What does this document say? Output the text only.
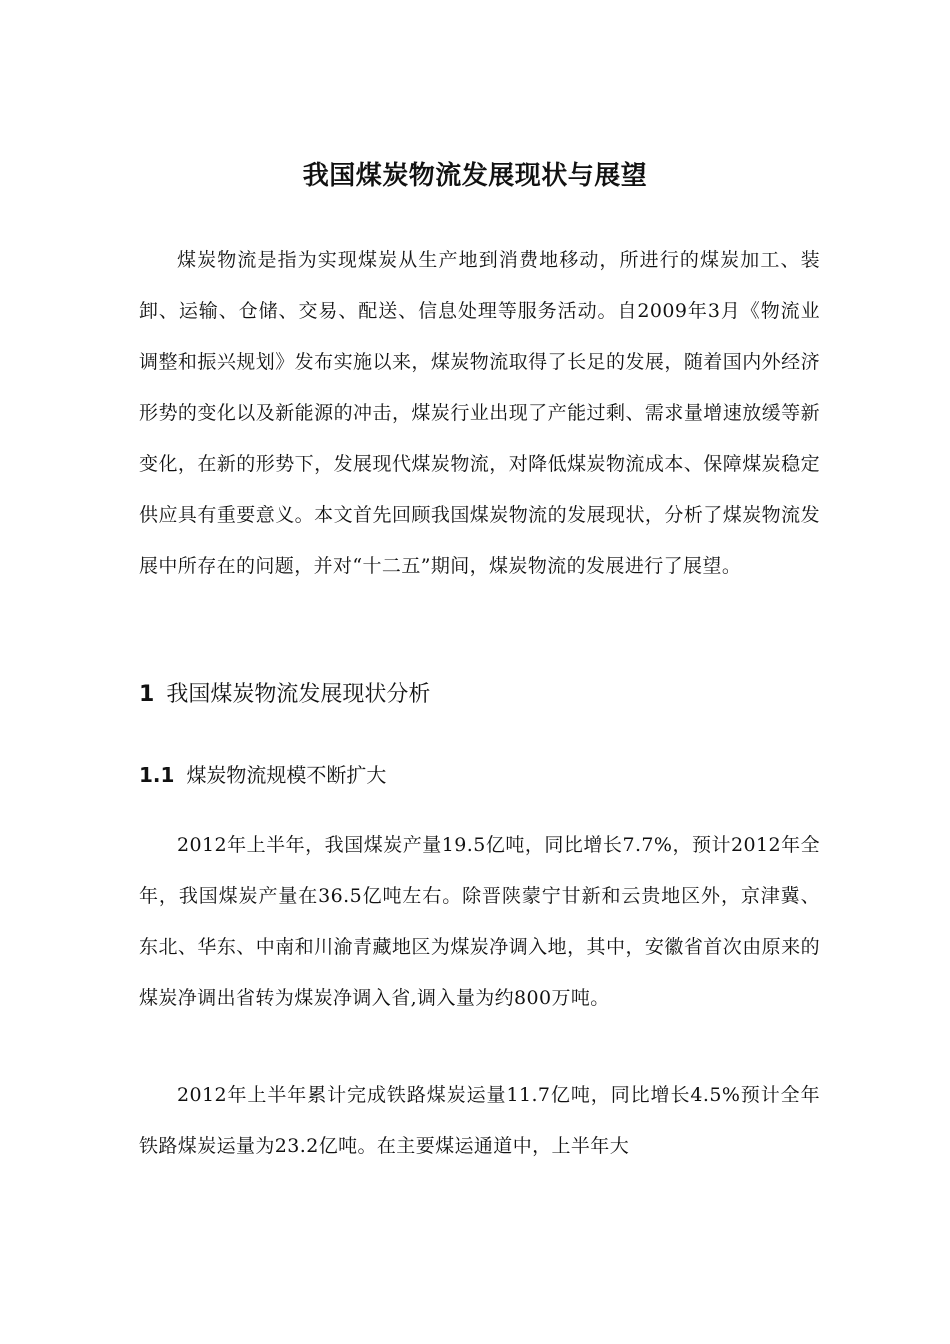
我国煤炭物流发展现状与展望

煤炭物流是指为实现煤炭从生产地到消费地移动，所进行的煤炭加工、装卸、运输、仓储、交易、配送、信息处理等服务活动。自2009年3月《物流业调整和振兴规划》发布实施以来，煤炭物流取得了长足的发展，随着国内外经济形势的变化以及新能源的冲击，煤炭行业出现了产能过剩、需求量增速放缓等新变化，在新的形势下，发展现代煤炭物流，对降低煤炭物流成本、保障煤炭稳定供应具有重要意义。本文首先回顾我国煤炭物流的发展现状，分析了煤炭物流发展中所存在的问题，并对“十二五”期间，煤炭物流的发展进行了展望。

1 我国煤炭物流发展现状分析
1.1 煤炭物流规模不断扩大

2012年上半年，我国煤炭产量19.5亿吨，同比增长7.7%，预计2012年全年，我国煤炭产量在36.5亿吨左右。除晋陕蒙宁甘新和云贵地区外，京津冀、东北、华东、中南和川渝青藏地区为煤炭净调入地，其中，安徽省首次由原来的煤炭净调出省转为煤炭净调入省,调入量为约800万吨。

2012年上半年累计完成铁路煤炭运量11.7亿吨，同比增长4.5%预计全年铁路煤炭运量为23.2亿吨。在主要煤运通道中，上半年大
